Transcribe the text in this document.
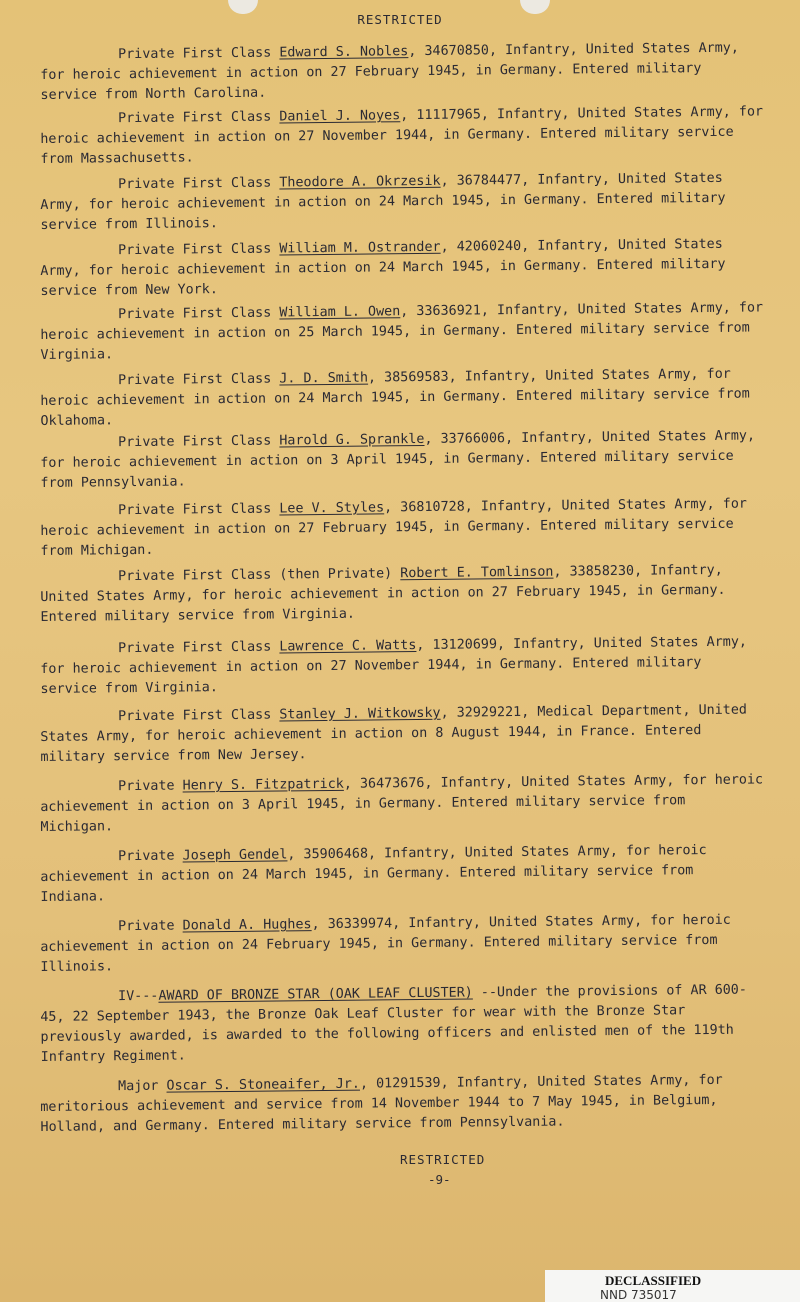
RESTRICTED
Private First Class Edward S. Nobles, 34670850, Infantry, United States Army, for heroic achievement in action on 27 February 1945, in Germany. Entered military service from North Carolina.
Private First Class Daniel J. Noyes, 11117965, Infantry, United States Army, for heroic achievement in action on 27 November 1944, in Germany. Entered military service from Massachusetts.
Private First Class Theodore A. Okrzesik, 36784477, Infantry, United States Army, for heroic achievement in action on 24 March 1945, in Germany. Entered military service from Illinois.
Private First Class William M. Ostrander, 42060240, Infantry, United States Army, for heroic achievement in action on 24 March 1945, in Germany. Entered military service from New York.
Private First Class William L. Owen, 33636921, Infantry, United States Army, for heroic achievement in action on 25 March 1945, in Germany. Entered military service from Virginia.
Private First Class J. D. Smith, 38569583, Infantry, United States Army, for heroic achievement in action on 24 March 1945, in Germany. Entered military service from Oklahoma.
Private First Class Harold G. Sprankle, 33766006, Infantry, United States Army, for heroic achievement in action on 3 April 1945, in Germany. Entered military service from Pennsylvania.
Private First Class Lee V. Styles, 36810728, Infantry, United States Army, for heroic achievement in action on 27 February 1945, in Germany. Entered military service from Michigan.
Private First Class (then Private) Robert E. Tomlinson, 33858230, Infantry, United States Army, for heroic achievement in action on 27 February 1945, in Germany. Entered military service from Virginia.
Private First Class Lawrence C. Watts, 13120699, Infantry, United States Army, for heroic achievement in action on 27 November 1944, in Germany. Entered military service from Virginia.
Private First Class Stanley J. Witkowsky, 32929221, Medical Department, United States Army, for heroic achievement in action on 8 August 1944, in France. Entered military service from New Jersey.
Private Henry S. Fitzpatrick, 36473676, Infantry, United States Army, for heroic achievement in action on 3 April 1945, in Germany. Entered military service from Michigan.
Private Joseph Gendel, 35906468, Infantry, United States Army, for heroic achievement in action on 24 March 1945, in Germany. Entered military service from Indiana.
Private Donald A. Hughes, 36339974, Infantry, United States Army, for heroic achievement in action on 24 February 1945, in Germany. Entered military service from Illinois.
IV---AWARD OF BRONZE STAR (OAK LEAF CLUSTER) --Under the provisions of AR 600-45, 22 September 1943, the Bronze Oak Leaf Cluster for wear with the Bronze Star previously awarded, is awarded to the following officers and enlisted men of the 119th Infantry Regiment.
Major Oscar S. Stoneaifer, Jr., 01291539, Infantry, United States Army, for meritorious achievement and service from 14 November 1944 to 7 May 1945, in Belgium, Holland, and Germany. Entered military service from Pennsylvania.
RESTRICTED
-9-
DECLASSIFIED
NND 735017
